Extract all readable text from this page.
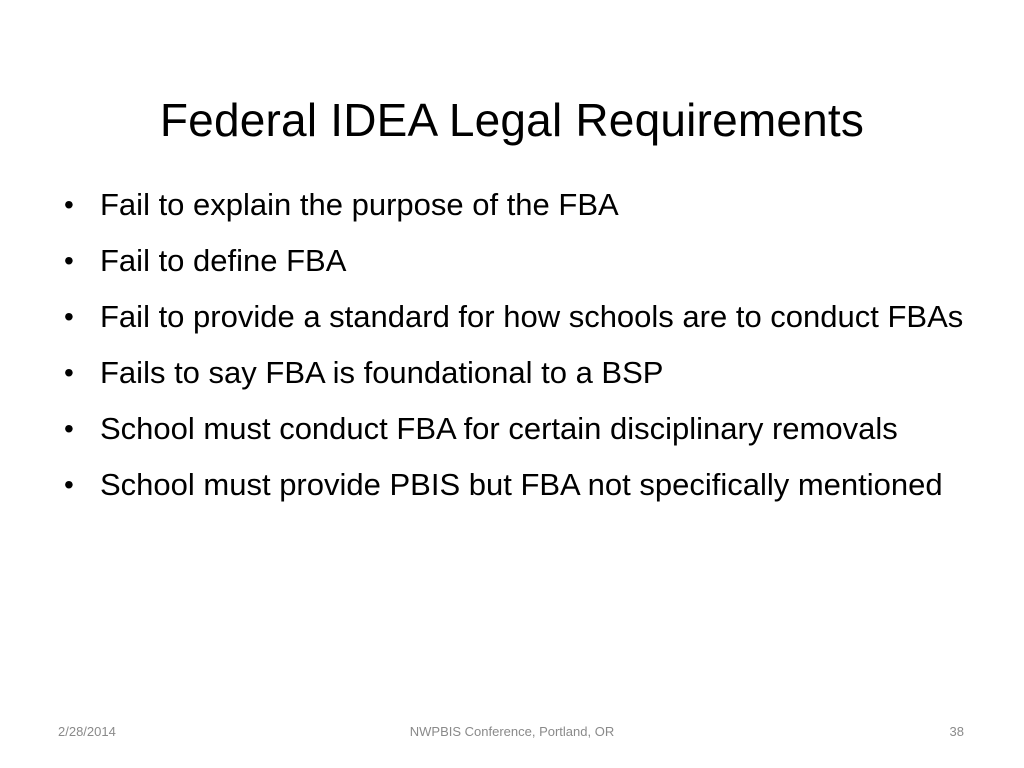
Federal IDEA Legal Requirements
• Fail to explain the purpose of the FBA
• Fail to define FBA
• Fail to provide a standard for how schools are to conduct FBAs
• Fails to say FBA is foundational to a BSP
• School must conduct FBA for certain disciplinary removals
• School must provide PBIS but FBA not specifically mentioned
2/28/2014	NWPBIS Conference, Portland, OR	38
